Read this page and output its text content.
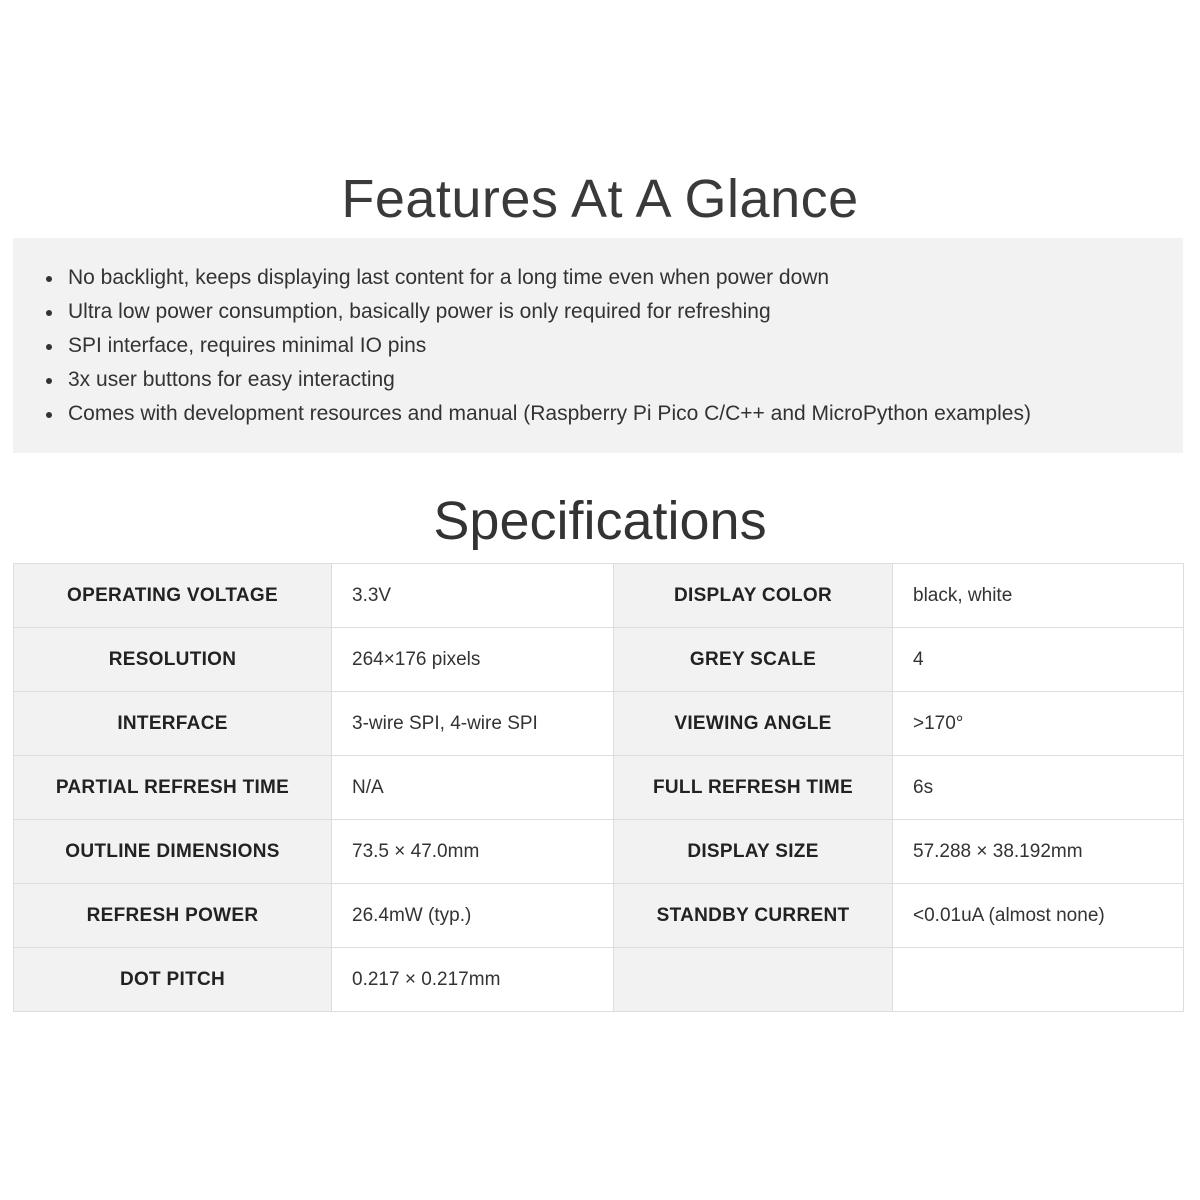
Features At A Glance
No backlight, keeps displaying last content for a long time even when power down
Ultra low power consumption, basically power is only required for refreshing
SPI interface, requires minimal IO pins
3x user buttons for easy interacting
Comes with development resources and manual (Raspberry Pi Pico C/C++ and MicroPython examples)
Specifications
OPERATING VOLTAGE	3.3V	DISPLAY COLOR	black, white
RESOLUTION	264×176 pixels	GREY SCALE	4
INTERFACE	3-wire SPI, 4-wire SPI	VIEWING ANGLE	>170°
PARTIAL REFRESH TIME	N/A	FULL REFRESH TIME	6s
OUTLINE DIMENSIONS	73.5 × 47.0mm	DISPLAY SIZE	57.288 × 38.192mm
REFRESH POWER	26.4mW (typ.)	STANDBY CURRENT	<0.01uA (almost none)
DOT PITCH	0.217 × 0.217mm		
